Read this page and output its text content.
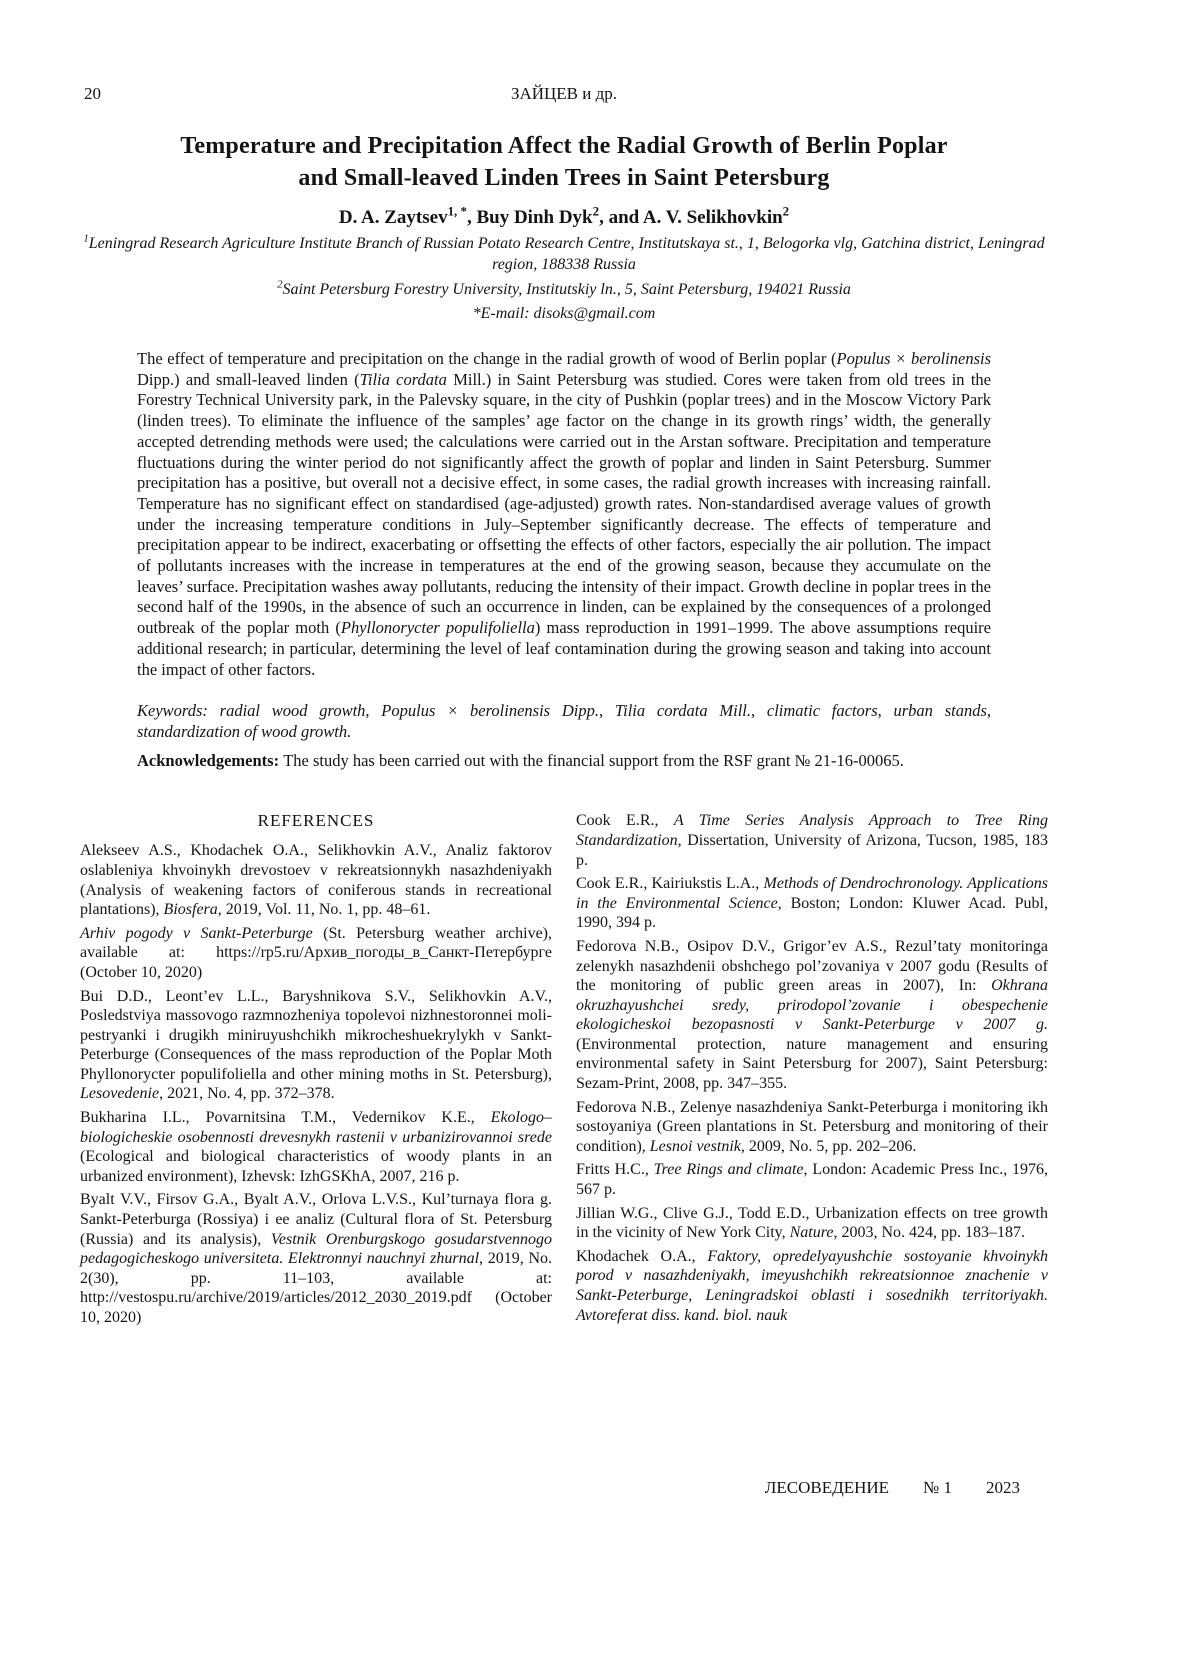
20	ЗАЙЦЕВ и др.
Temperature and Precipitation Affect the Radial Growth of Berlin Poplar
and Small-leaved Linden Trees in Saint Petersburg
D. A. Zaytsev$^{1, *}$, Buy Dinh Dyk$^2$, and A. V. Selikhovkin$^2$
$^1$Leningrad Research Agriculture Institute Branch of Russian Potato Research Centre, Institutskaya st., 1, Belogorka vlg, Gatchina district, Leningrad region, 188338 Russia
$^2$Saint Petersburg Forestry University, Institutskiy ln., 5, Saint Petersburg, 194021 Russia
*E-mail: disoks@gmail.com
The effect of temperature and precipitation on the change in the radial growth of wood of Berlin poplar (Populus × berolinensis Dipp.) and small-leaved linden (Tilia cordata Mill.) in Saint Petersburg was studied. Cores were taken from old trees in the Forestry Technical University park, in the Palevsky square, in the city of Pushkin (poplar trees) and in the Moscow Victory Park (linden trees). To eliminate the influence of the samples’ age factor on the change in its growth rings’ width, the generally accepted detrending methods were used; the calculations were carried out in the Arstan software. Precipitation and temperature fluctuations during the winter period do not significantly affect the growth of poplar and linden in Saint Petersburg. Summer precipitation has a positive, but overall not a decisive effect, in some cases, the radial growth increases with increasing rainfall. Temperature has no significant effect on standardised (age-adjusted) growth rates. Non-standardised average values of growth under the increasing temperature conditions in July–September significantly decrease. The effects of temperature and precipitation appear to be indirect, exacerbating or offsetting the effects of other factors, especially the air pollution. The impact of pollutants increases with the increase in temperatures at the end of the growing season, because they accumulate on the leaves’ surface. Precipitation washes away pollutants, reducing the intensity of their impact. Growth decline in poplar trees in the second half of the 1990s, in the absence of such an occurrence in linden, can be explained by the consequences of a prolonged outbreak of the poplar moth (Phyllonorycter populifoliella) mass reproduction in 1991–1999. The above assumptions require additional research; in particular, determining the level of leaf contamination during the growing season and taking into account the impact of other factors.
Keywords: radial wood growth, Populus × berolinensis Dipp., Tilia cordata Mill., climatic factors, urban stands, standardization of wood growth.
Acknowledgements: The study has been carried out with the financial support from the RSF grant № 21-16-00065.
REFERENCES
Alekseev A.S., Khodachek O.A., Selikhovkin A.V., Analiz faktorov oslableniya khvoinykh drevostoev v rekreatsionnykh nasazhdeniyakh (Analysis of weakening factors of coniferous stands in recreational plantations), Biosfera, 2019, Vol. 11, No. 1, pp. 48–61.
Arhiv pogody v Sankt-Peterburge (St. Petersburg weather archive), available at: https://rp5.ru/Архив_погоды_в_Санкт-Петербурге (October 10, 2020)
Bui D.D., Leont’ev L.L., Baryshnikova S.V., Selikhovkin A.V., Posledstviya massovogo razmnozheniya topolevoi nizhnestoronnei moli-pestryanki i drugikh miniruyushchikh mikrocheshuekrylykh v Sankt-Peterburge (Consequences of the mass reproduction of the Poplar Moth Phyllonorycter populifoliella and other mining moths in St. Petersburg), Lesovedenie, 2021, No. 4, pp. 372–378.
Bukharina I.L., Povarnitsina T.M., Vedernikov K.E., Ekologo–biologicheskie osobennosti drevesnykh rastenii v urbanizirovannoi srede (Ecological and biological characteristics of woody plants in an urbanized environment), Izhevsk: IzhGSKhA, 2007, 216 p.
Byalt V.V., Firsov G.A., Byalt A.V., Orlova L.V.S., Kul’turnaya flora g. Sankt-Peterburga (Rossiya) i ee analiz (Cultural flora of St. Petersburg (Russia) and its analysis), Vestnik Orenburgskogo gosudarstvennogo pedagogicheskogo universiteta. Elektronnyi nauchnyi zhurnal, 2019, No. 2(30), pp. 11–103, available at: http://vestospu.ru/archive/2019/articles/2012_2030_2019.pdf (October 10, 2020)
Cook E.R., A Time Series Analysis Approach to Tree Ring Standardization, Dissertation, University of Arizona, Tucson, 1985, 183 p.
Cook E.R., Kairiukstis L.A., Methods of Dendrochronology. Applications in the Environmental Science, Boston; London: Kluwer Acad. Publ, 1990, 394 p.
Fedorova N.B., Osipov D.V., Grigor’ev A.S., Rezul’taty monitoringa zelenykh nasazhdenii obshchego pol’zovaniya v 2007 godu (Results of the monitoring of public green areas in 2007), In: Okhrana okruzhayushchei sredy, prirodopol’zovanie i obespechenie ekologicheskoi bezopasnosti v Sankt-Peterburge v 2007 g. (Environmental protection, nature management and ensuring environmental safety in Saint Petersburg for 2007), Saint Petersburg: Sezam-Print, 2008, pp. 347–355.
Fedorova N.B., Zelenye nasazhdeniya Sankt-Peterburga i monitoring ikh sostoyaniya (Green plantations in St. Petersburg and monitoring of their condition), Lesnoi vestnik, 2009, No. 5, pp. 202–206.
Fritts H.C., Tree Rings and climate, London: Academic Press Inc., 1976, 567 p.
Jillian W.G., Clive G.J., Todd E.D., Urbanization effects on tree growth in the vicinity of New York City, Nature, 2003, No. 424, pp. 183–187.
Khodachek O.A., Faktory, opredelyayushchie sostoyanie khvoinykh porod v nasazhdeniyakh, imeyushchikh rekreatsionnoe znachenie v Sankt-Peterburge, Leningradskoi oblasti i sosednikh territoriyakh. Avtoreferat diss. kand. biol. nauk
ЛЕСОВЕДЕНИЕ № 1 2023
